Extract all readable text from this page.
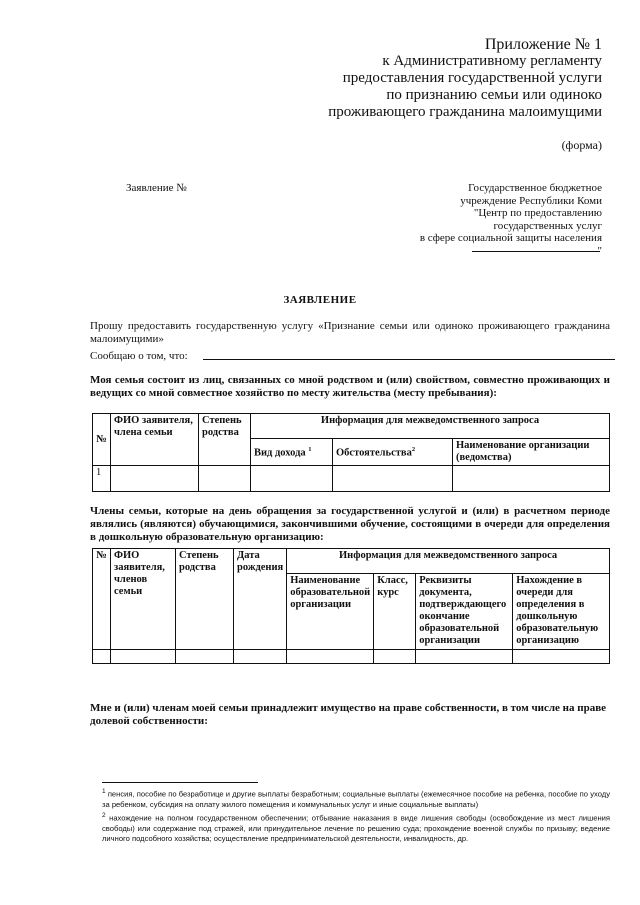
Приложение № 1
к Административному регламенту
предоставления государственной услуги
по признанию семьи или одиноко
проживающего гражданина малоимущими
(форма)
Заявление №	Государственное бюджетное
учреждение Республики Коми
"Центр по предоставлению
государственных услуг
в сфере социальной защиты населения
"
ЗАЯВЛЕНИЕ
Прошу предоставить государственную услугу «Признание семьи или одиноко проживающего гражданина малоимущими»
Сообщаю о том, что:
Моя семья состоит из лиц, связанных со мной родством и (или) свойством, совместно проживающих и ведущих со мной совместное хозяйство по месту жительства (месту пребывания):
№	ФИО заявителя, члена семьи	Степень родства	Информация для межведомственного запроса		
			Вид дохода $^1$	Обстоятельства$^2$	Наименование организации (ведомства)
1					
Члены семьи, которые на день обращения за государственной услугой и (или) в расчетном периоде являлись (являются) обучающимися, закончившими обучение, состоящими в очереди для определения в дошкольную образовательную организацию:
№	ФИО заявителя, членов семьи	Степень родства	Дата рождения	Информация для межведомственного запроса			
				Наименование образовательной организации	Класс, курс	Реквизиты документа, подтверждающего окончание образовательной организации	Нахождение в очереди для определения в дошкольную образовательную организацию

Мне и (или) членам моей семьи принадлежит имущество на праве собственности, в том числе на праве долевой собственности:
$^1$ пенсия, пособие по безработице и другие выплаты безработным; социальные выплаты (ежемесячное пособие на ребенка, пособие по уходу за ребенком, субсидия на оплату жилого помещения и коммунальных услуг и иные социальные выплаты)
$^2$ нахождение на полном государственном обеспечении; отбывание наказания в виде лишения свободы (освобождение из мест лишения свободы) или содержание под стражей, или принудительное лечение по решению суда; прохождение военной службы по призыву; ведение личного подсобного хозяйства; осуществление предпринимательской деятельности, инвалидность, др.
